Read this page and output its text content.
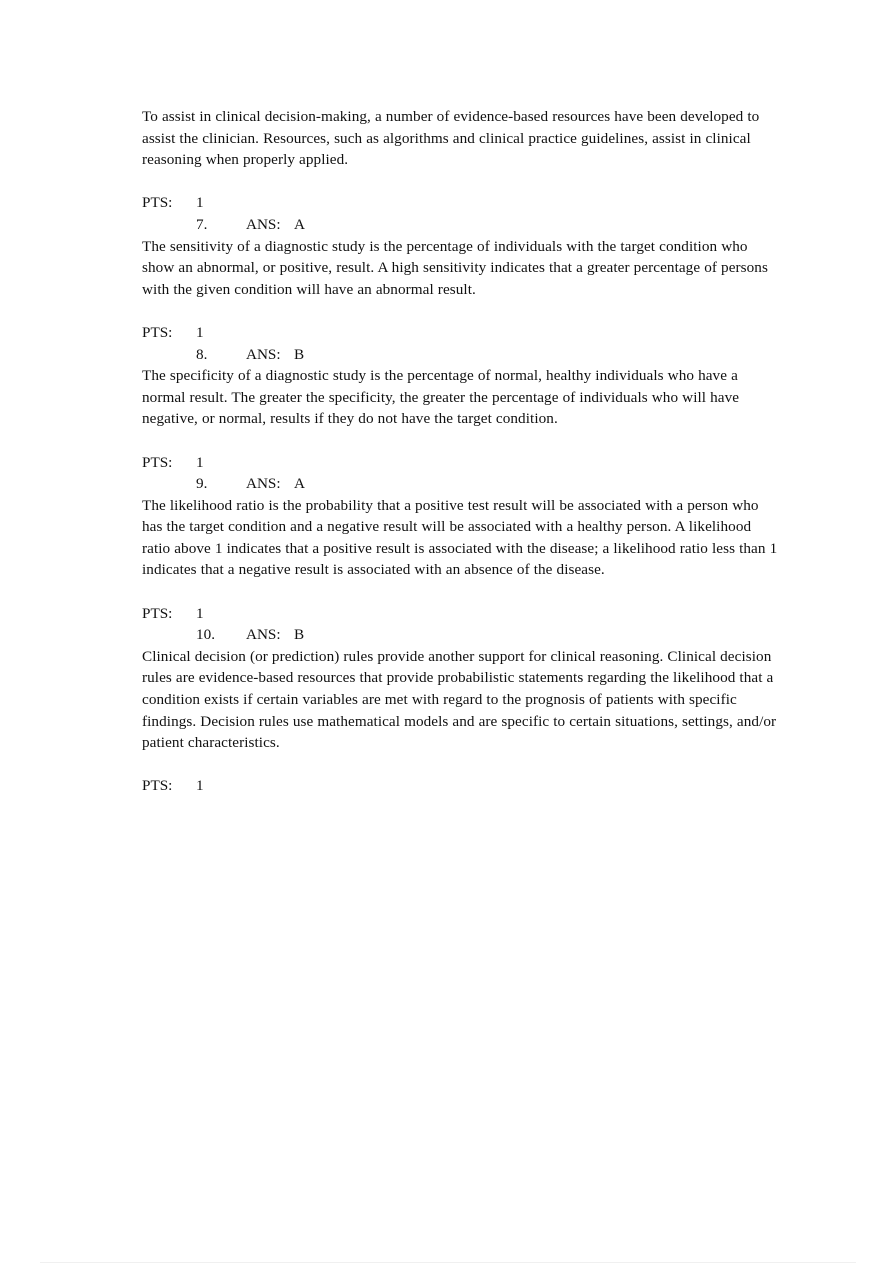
To assist in clinical decision-making, a number of evidence-based resources have been developed to assist the clinician. Resources, such as algorithms and clinical practice guidelines, assist in clinical reasoning when properly applied.

PTS: 1
7.	ANS: A

The sensitivity of a diagnostic study is the percentage of individuals with the target condition who show an abnormal, or positive, result. A high sensitivity indicates that a greater percentage of persons with the given condition will have an abnormal result.

PTS: 1
8.	ANS: B

The specificity of a diagnostic study is the percentage of normal, healthy individuals who have a normal result. The greater the specificity, the greater the percentage of individuals who will have negative, or normal, results if they do not have the target condition.

PTS: 1
9.	ANS: A

The likelihood ratio is the probability that a positive test result will be associated with a person who has the target condition and a negative result will be associated with a healthy person. A likelihood ratio above 1 indicates that a positive result is associated with the disease; a likelihood ratio less than 1 indicates that a negative result is associated with an absence of the disease.

PTS: 1
10. ANS: B

Clinical decision (or prediction) rules provide another support for clinical reasoning. Clinical decision rules are evidence-based resources that provide probabilistic statements regarding the likelihood that a condition exists if certain variables are met with regard to the prognosis of patients with specific findings. Decision rules use mathematical models and are specific to certain situations, settings, and/or patient characteristics.

PTS: 1
